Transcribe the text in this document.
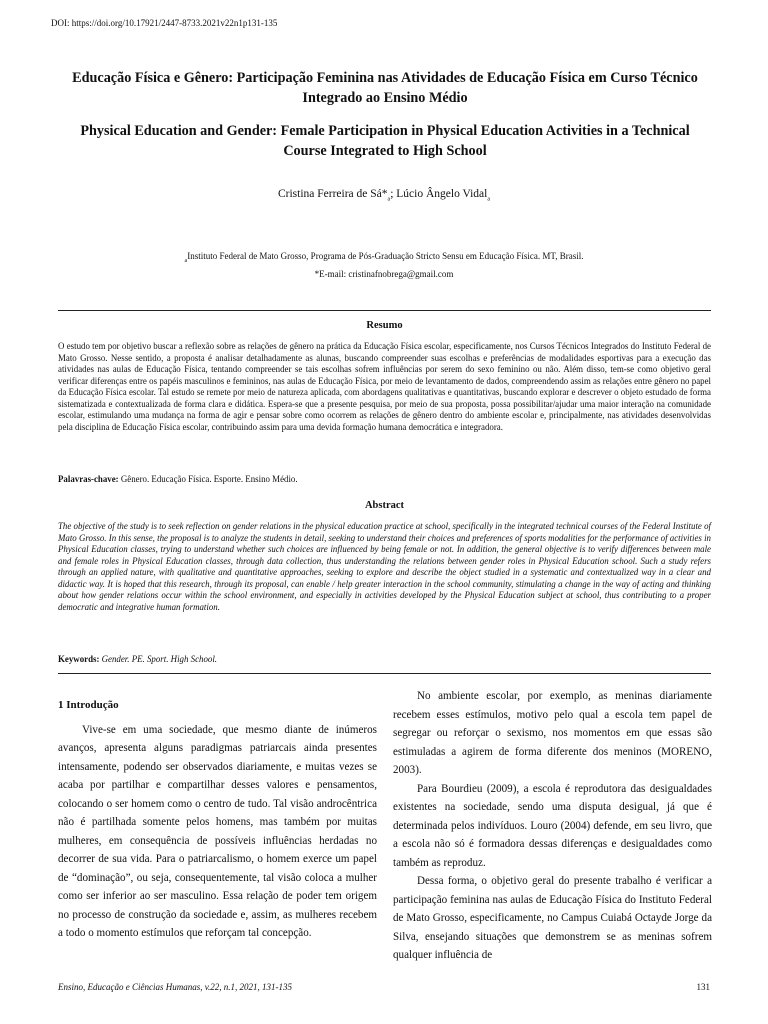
DOI: https://doi.org/10.17921/2447-8733.2021v22n1p131-135
Educação Física e Gênero: Participação Feminina nas Atividades de Educação Física em Curso Técnico Integrado ao Ensino Médio
Physical Education and Gender: Female Participation in Physical Education Activities in a Technical Course Integrated to High School
Cristina Ferreira de $Sá*_a$; Lúcio Ângelo Vidal$_a$
$_a$Instituto Federal de Mato Grosso, Programa de Pós-Graduação Stricto Sensu em Educação Física. MT, Brasil.
*E-mail: cristinafnobrega@gmail.com
Resumo

O estudo tem por objetivo buscar a reflexão sobre as relações de gênero na prática da Educação Física escolar, especificamente, nos Cursos Técnicos Integrados do Instituto Federal de Mato Grosso. Nesse sentido, a proposta é analisar detalhadamente as alunas, buscando compreender suas escolhas e preferências de modalidades esportivas para a execução das atividades nas aulas de Educação Física, tentando compreender se tais escolhas sofrem influências por serem do sexo feminino ou não. Além disso, tem-se como objetivo geral verificar diferenças entre os papéis masculinos e femininos, nas aulas de Educação Física, por meio de levantamento de dados, compreendendo assim as relações entre gênero no papel da Educação Física escolar. Tal estudo se remete por meio de natureza aplicada, com abordagens qualitativas e quantitativas, buscando explorar e descrever o objeto estudado de forma sistematizada e contextualizada de forma clara e didática. Espera-se que a presente pesquisa, por meio de sua proposta, possa possibilitar/ajudar uma maior interação na comunidade escolar, estimulando uma mudança na forma de agir e pensar sobre como ocorrem as relações de gênero dentro do ambiente escolar e, principalmente, nas atividades desenvolvidas pela disciplina de Educação Física escolar, contribuindo assim para uma devida formação humana democrática e integradora.

Palavras-chave: Gênero. Educação Física. Esporte. Ensino Médio.
Abstract

The objective of the study is to seek reflection on gender relations in the physical education practice at school, specifically in the integrated technical courses of the Federal Institute of Mato Grosso. In this sense, the proposal is to analyze the students in detail, seeking to understand their choices and preferences of sports modalities for the performance of activities in Physical Education classes, trying to understand whether such choices are influenced by being female or not. In addition, the general objective is to verify differences between male and female roles in Physical Education classes, through data collection, thus understanding the relations between gender roles in Physical Education school. Such a study refers through an applied nature, with qualitative and quantitative approaches, seeking to explore and describe the object studied in a systematic and contextualized way in a clear and didactic way. It is hoped that this research, through its proposal, can enable / help greater interaction in the school community, stimulating a change in the way of acting and thinking about how gender relations occur within the school environment, and especially in activities developed by the Physical Education subject at school, thus contributing to a proper democratic and integrative human formation.

Keywords: Gender. PE. Sport. High School.

1 Introdução

Vive-se em uma sociedade, que mesmo diante de inúmeros avanços, apresenta alguns paradigmas patriarcais ainda presentes intensamente, podendo ser observados diariamente, e muitas vezes se acaba por partilhar e compartilhar desses valores e pensamentos, colocando o ser homem como o centro de tudo. Tal visão androcêntrica não é partilhada somente pelos homens, mas também por muitas mulheres, em consequência de possíveis influências herdadas no decorrer de sua vida. Para o patriarcalismo, o homem exerce um papel de “dominação”, ou seja, consequentemente, tal visão coloca a mulher como ser inferior ao ser masculino. Essa relação de poder tem origem no processo de construção da sociedade e, assim, as mulheres recebem a todo o momento estímulos que reforçam tal concepção.

No ambiente escolar, por exemplo, as meninas diariamente recebem esses estímulos, motivo pelo qual a escola tem papel de segregar ou reforçar o sexismo, nos momentos em que essas são estimuladas a agirem de forma diferente dos meninos (MORENO, 2003).

Para Bourdieu (2009), a escola é reprodutora das desigualdades existentes na sociedade, sendo uma disputa desigual, já que é determinada pelos indivíduos. Louro (2004) defende, em seu livro, que a escola não só é formadora dessas diferenças e desigualdades como também as reproduz.

Dessa forma, o objetivo geral do presente trabalho é verificar a participação feminina nas aulas de Educação Física do Instituto Federal de Mato Grosso, especificamente, no Campus Cuiabá Octayde Jorge da Silva, ensejando situações que demonstrem se as meninas sofrem qualquer influência de

Ensino, Educação e Ciências Humanas, v.22, n.1, 2021, 131-135	131
